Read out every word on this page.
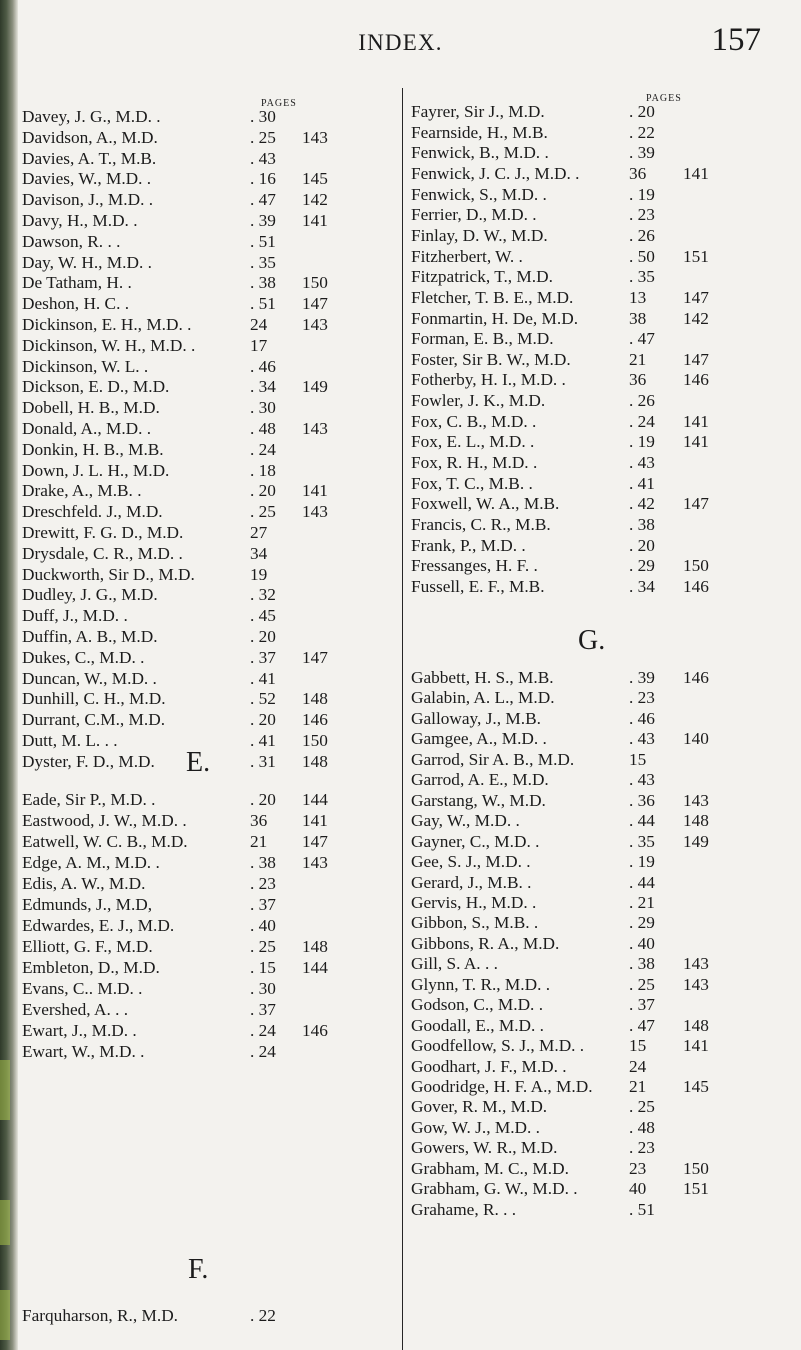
INDEX.	157
PAGES	PAGES
E.
F.
G.
Davey, J. G., M.D. .	. 30
Davidson, A., M.D.	. 25 143
Davies, A. T., M.B.	. 43
Davies, W., M.D. .	. 16 145
Davison, J., M.D. .	. 47 142
Davy, H., M.D. .	. 39 141
Dawson, R. . .	. 51
Day, W. H., M.D. .	. 35
De Tatham, H. .	. 38 150
Deshon, H. C. .	. 51 147
Dickinson, E. H., M.D. .	24 143
Dickinson, W. H., M.D. .	17
Dickinson, W. L. .	. 46
Dickson, E. D., M.D.	. 34 149
Dobell, H. B., M.D.	. 30
Donald, A., M.D. .	. 48 143
Donkin, H. B., M.B.	. 24
Down, J. L. H., M.D.	. 18
Drake, A., M.B. .	. 20 141
Dreschfeld. J., M.D.	. 25 143
Drewitt, F. G. D., M.D.	27
Drysdale, C. R., M.D. .	34
Duckworth, Sir D., M.D.	19
Dudley, J. G., M.D.	. 32
Duff, J., M.D. .	. 45
Duffin, A. B., M.D.	. 20
Dukes, C., M.D. .	. 37 147
Duncan, W., M.D. .	. 41
Dunhill, C. H., M.D.	. 52 148
Durrant, C.M., M.D.	. 20 146
Dutt, M. L. . .	. 41 150
Dyster, F. D., M.D.	. 31 148
Eade, Sir P., M.D. .	. 20 144
Eastwood, J. W., M.D. .	36 141
Eatwell, W. C. B., M.D.	21 147
Edge, A. M., M.D. .	. 38 143
Edis, A. W., M.D.	. 23
Edmunds, J., M.D,	. 37
Edwardes, E. J., M.D.	. 40
Elliott, G. F., M.D.	. 25 148
Embleton, D., M.D.	. 15 144
Evans, C.. M.D. .	. 30
Evershed, A. . .	. 37
Ewart, J., M.D. .	. 24 146
Ewart, W., M.D. .	. 24
Farquharson, R., M.D.	. 22
Fayrer, Sir J., M.D.	. 20
Fearnside, H., M.B.	. 22
Fenwick, B., M.D. .	. 39
Fenwick, J. C. J., M.D. .	36 141
Fenwick, S., M.D. .	. 19
Ferrier, D., M.D. .	. 23
Finlay, D. W., M.D.	. 26
Fitzherbert, W. .	. 50 151
Fitzpatrick, T., M.D.	. 35
Fletcher, T. B. E., M.D.	13 147
Fonmartin, H. De, M.D.	38 142
Forman, E. B., M.D.	. 47
Foster, Sir B. W., M.D.	21 147
Fotherby, H. I., M.D. .	36 146
Fowler, J. K., M.D.	. 26
Fox, C. B., M.D. .	. 24 141
Fox, E. L., M.D. .	. 19 141
Fox, R. H., M.D. .	. 43
Fox, T. C., M.B. .	. 41
Foxwell, W. A., M.B.	. 42 147
Francis, C. R., M.B.	. 38
Frank, P., M.D. .	. 20
Fressanges, H. F. .	. 29 150
Fussell, E. F., M.B.	. 34 146
Gabbett, H. S., M.B.	. 39 146
Galabin, A. L., M.D.	. 23
Galloway, J., M.B.	. 46
Gamgee, A., M.D. .	. 43 140
Garrod, Sir A. B., M.D.	15
Garrod, A. E., M.D.	. 43
Garstang, W., M.D.	. 36 143
Gay, W., M.D. .	. 44 148
Gayner, C., M.D. .	. 35 149
Gee, S. J., M.D. .	. 19
Gerard, J., M.B. .	. 44
Gervis, H., M.D. .	. 21
Gibbon, S., M.B. .	. 29
Gibbons, R. A., M.D.	. 40
Gill, S. A. . .	. 38 143
Glynn, T. R., M.D. .	. 25 143
Godson, C., M.D. .	. 37
Goodall, E., M.D. .	. 47 148
Goodfellow, S. J., M.D. .	15 141
Goodhart, J. F., M.D. .	24
Goodridge, H. F. A., M.D. 21 145
Gover, R. M., M.D.	. 25
Gow, W. J., M.D. .	. 48
Gowers, W. R., M.D.	. 23
Grabham, M. C., M.D.	23 150
Grabham, G. W., M.D. .	40 151
Grahame, R. . .	. 51
